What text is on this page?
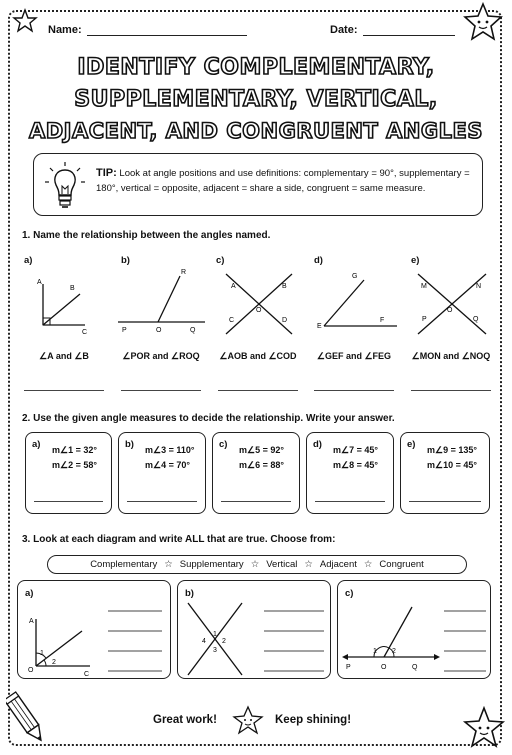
Name:	Date:
IDENTIFY COMPLEMENTARY,
SUPPLEMENTARY, VERTICAL,
ADJACENT, AND CONGRUENT ANGLES
TIP: Look at angle positions and use definitions: complementary = 90°, supplementary = 180°, vertical = opposite, adjacent = share a side, congruent = same measure.
1. Name the relationship between the angles named.
a)	b)	c)	d)	e)
A
B
C
R
P	O	Q
A	B
O
C	D
G
E
F
M	N
O
P	Q
∠A and ∠B	∠POR and ∠ROQ	∠AOB and ∠COD	∠GEF and ∠FEG	∠MON and ∠NOQ
2. Use the given angle measures to decide the relationship. Write your answer.
a) m∠1 = 32°
m∠2 = 58°
b) m∠3 = 110°
m∠4 = 70°
c) m∠5 = 92°
m∠6 = 88°
d) m∠7 = 45°
m∠8 = 45°
e) m∠9 = 135°
m∠10 = 45°
3. Look at each diagram and write ALL that are true. Choose from:
Complementary ☆ Supplementary ☆ Vertical ☆ Adjacent ☆ Congruent
a)
A
1
2
O
C
b)
4
1
2
3
c)
1 2
P	O	Q
Great work!	Keep shining!
